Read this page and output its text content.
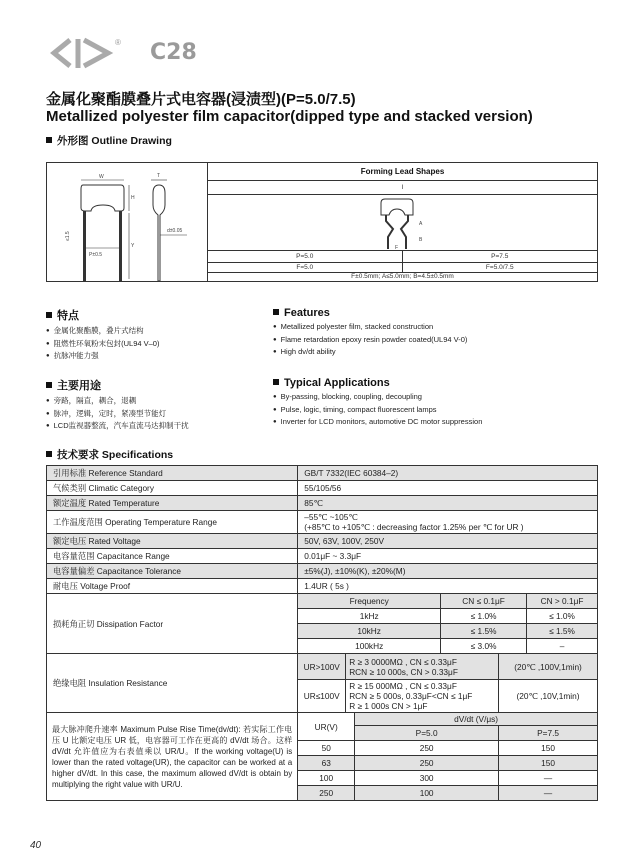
® C28
金属化聚酯膜叠片式电容器(浸渍型)(P=5.0/7.5)
Metallized polyester film capacitor(dipped type and stacked version)
外形图 Outline Drawing
W
H
Y
P±0.5
≤1.5
T
d±0.05
Forming Lead Shapes
I
A
B
F
P=5.0	P=7.5
F=5.0	F=5.0/7.5
F±0.5mm; A≤5.0mm; B=4.5±0.5mm
特点
● 金属化聚酯膜，叠片式结构
● 阻燃性环氧粉末包封(UL94 V–0)
● 抗脉冲能力强
Features
● Metallized polyester film, stacked construction
● Flame retardation epoxy resin powder coated(UL94 V-0)
● High dv/dt ability
主要用途
● 旁路，隔直，耦合，退耦
● 脉冲，逻辑，定时，紧凑型节能灯
● LCD监视器整流，汽车直流马达抑制干扰
Typical Applications
● By-passing, blocking, coupling, decoupling
● Pulse, logic, timing, compact fluorescent lamps
● Inverter for LCD monitors, automotive DC motor suppression
技术要求 Specifications
引用标准 Reference Standard	GB/T 7332(IEC 60384–2)					
气候类别 Climatic Category	55/105/56					
额定温度 Rated Temperature	85℃					
工作温度范围 Operating Temperature Range	–55℃ ~105℃
(+85℃ to +105℃ : decreasing factor 1.25% per ℃ for UR )					

额定电压 Rated Voltage	50V, 63V, 100V, 250V					
电容量范围 Capacitance Range	0.01μF ~ 3.3μF					
电容量偏差 Capacitance Tolerance	±5%(J), ±10%(K), ±20%(M)					
耐电压 Voltage Proof	1.4UR ( 5s )					
损耗角正切 Dissipation Factor	Frequency			CN ≤ 0.1μF		CN > 0.1μF
	1kHz			≤ 1.0%		≤ 1.0%
	10kHz			≤ 1.5%		≤ 1.5%
	100kHz			≤ 3.0%		–
绝缘电阻 Insulation Resistance	UR>100V	R ≥ 3 0000MΩ , CN ≤ 0.33μF
RCN ≥ 10 000s, CN > 0.33μF			(20℃ ,100V,1min)	
	UR≤100V	R ≥ 15 000MΩ , CN ≤ 0.33μF
RCN ≥ 5 000s, 0.33μF<CN ≤ 1μF
R ≥ 1 000s CN > 1μF			(20℃ ,10V,1min)	
最大脉冲爬升速率 Maximum Pulse Rise Time(dv/dt): 若实际工作电压 U 比额定电压 UR 低，电容器可工作在更高的 dV/dt 场合。这样 dV/dt 允许值应为右表值乘以 UR/U。If the working voltage(U) is lower than the rated voltage(UR), the capacitor can be worked at a higher dV/dt. In this case, the maximum allowed dV/dt is obtain by multiplying the right value with UR/U.	UR(V)		dV/dt (V/μs)			
			P=5.0		P=7.5	
	50		250		150	
	63		250		150	
	100		300		—	
	250		100		—	
40
